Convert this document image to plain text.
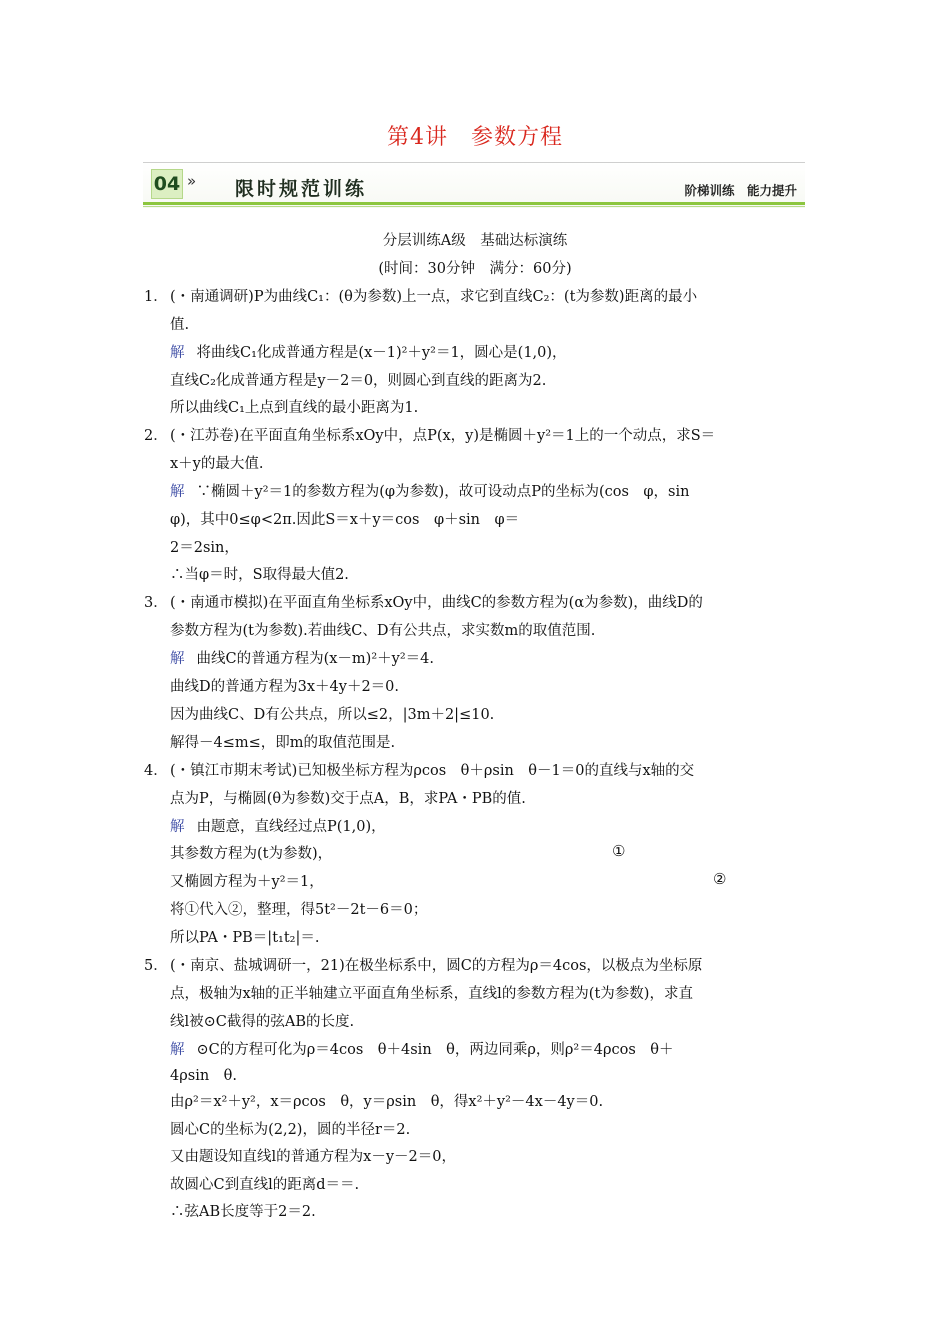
第4讲　参数方程
04 » 限时规范训练	阶梯训练　能力提升
分层训练A级　基础达标演练
(时间：30分钟　满分：60分)
1． (・南通调研)P为曲线C₁：(θ为参数)上一点，求它到直线C₂：(t为参数)距离的最小
值.
解 将曲线C₁化成普通方程是(x－1)²＋y²＝1，圆心是(1,0)，
直线C₂化成普通方程是y－2＝0，则圆心到直线的距离为2.
所以曲线C₁上点到直线的最小距离为1.
2． (・江苏卷)在平面直角坐标系xOy中，点P(x，y)是椭圆＋y²＝1上的一个动点，求S＝
x＋y的最大值.
解 ∵椭圆＋y²＝1的参数方程为(φ为参数)，故可设动点P的坐标为(cos　φ，sin
φ)，其中0≤φ<2π.因此S＝x＋y＝cos　φ＋sin　φ＝
2＝2sin，
∴当φ＝时，S取得最大值2.
3． (・南通市模拟)在平面直角坐标系xOy中，曲线C的参数方程为(α为参数)，曲线D的
参数方程为(t为参数).若曲线C、D有公共点，求实数m的取值范围.
解 曲线C的普通方程为(x－m)²＋y²＝4.
曲线D的普通方程为3x＋4y＋2＝0.
因为曲线C、D有公共点，所以≤2，|3m＋2|≤10.
解得－4≤m≤，即m的取值范围是.
4． (・镇江市期末考试)已知极坐标方程为ρcos　θ＋ρsin　θ－1＝0的直线与x轴的交
点为P，与椭圆(θ为参数)交于点A，B，求PA・PB的值.
解 由题意，直线经过点P(1,0)，
其参数方程为(t为参数)，	①
又椭圆方程为＋y²＝1，	②
将①代入②，整理，得5t²－2t－6＝0；
所以PA・PB＝|t₁t₂|＝.
5． (・南京、盐城调研一，21)在极坐标系中，圆C的方程为ρ＝4cos，以极点为坐标原
点，极轴为x轴的正半轴建立平面直角坐标系，直线l的参数方程为(t为参数)，求直
线l被⊙C截得的弦AB的长度.
解 ⊙C的方程可化为ρ＝4cos　θ＋4sin　θ，两边同乘ρ，则ρ²＝4ρcos　θ＋
4ρsin　θ.
由ρ²＝x²＋y²，x＝ρcos　θ，y＝ρsin　θ，得x²＋y²－4x－4y＝0.
圆心C的坐标为(2,2)，圆的半径r＝2.
又由题设知直线l的普通方程为x－y－2＝0，
故圆心C到直线l的距离d＝＝.
∴弦AB长度等于2＝2.
